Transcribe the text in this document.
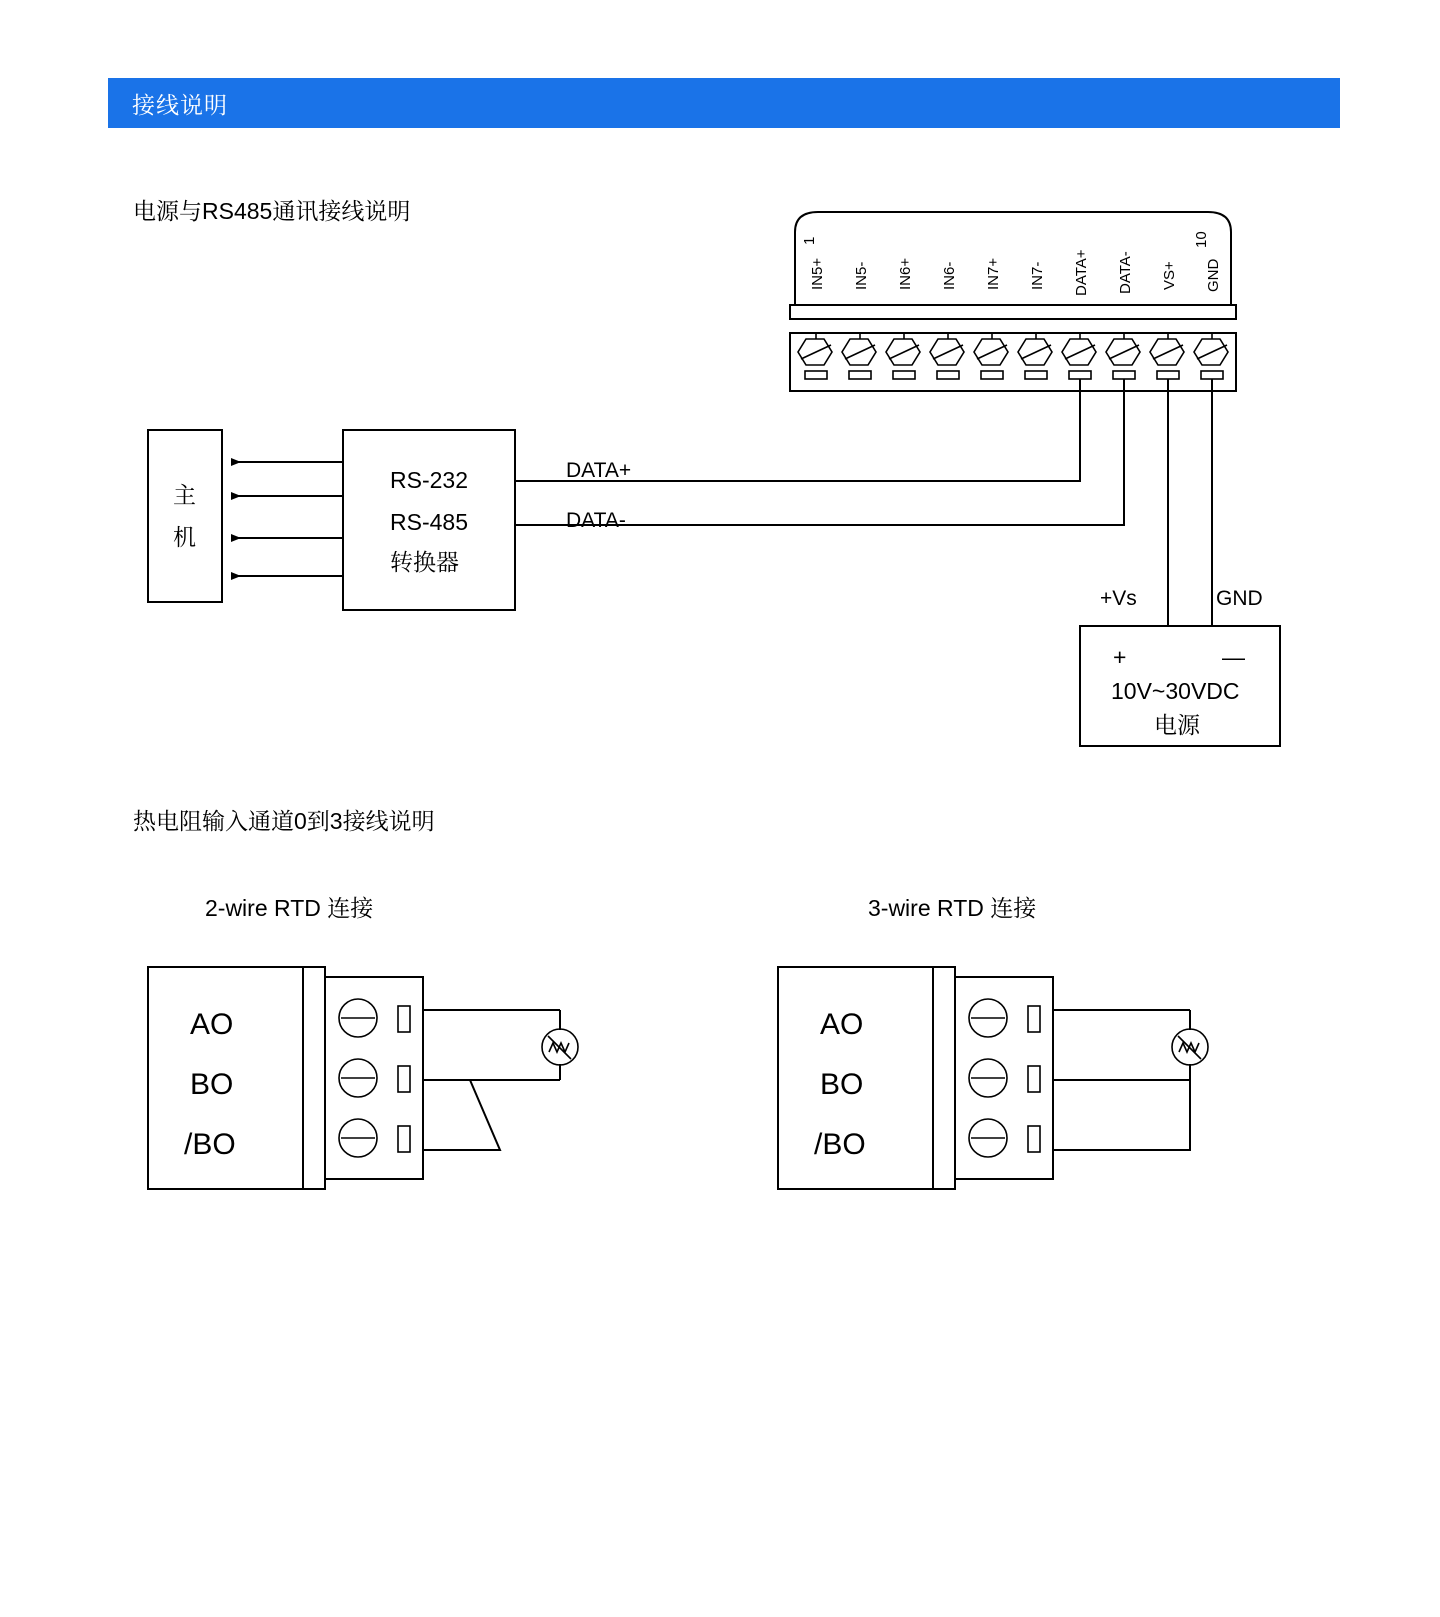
接线说明
电源与RS485通讯接线说明
热电阻输入通道0到3接线说明
2-wire RTD 连接	3-wire RTD 连接
IN5+ IN5- IN6+ IN6- IN7+ IN7- DATA+ DATA- VS+ GND
1	10
主
机
RS-232
RS-485
转换器
DATA+
DATA-
+Vs	GND
+	—
10V~30VDC
电源
AO
BO
/BO
AO
BO
/BO
